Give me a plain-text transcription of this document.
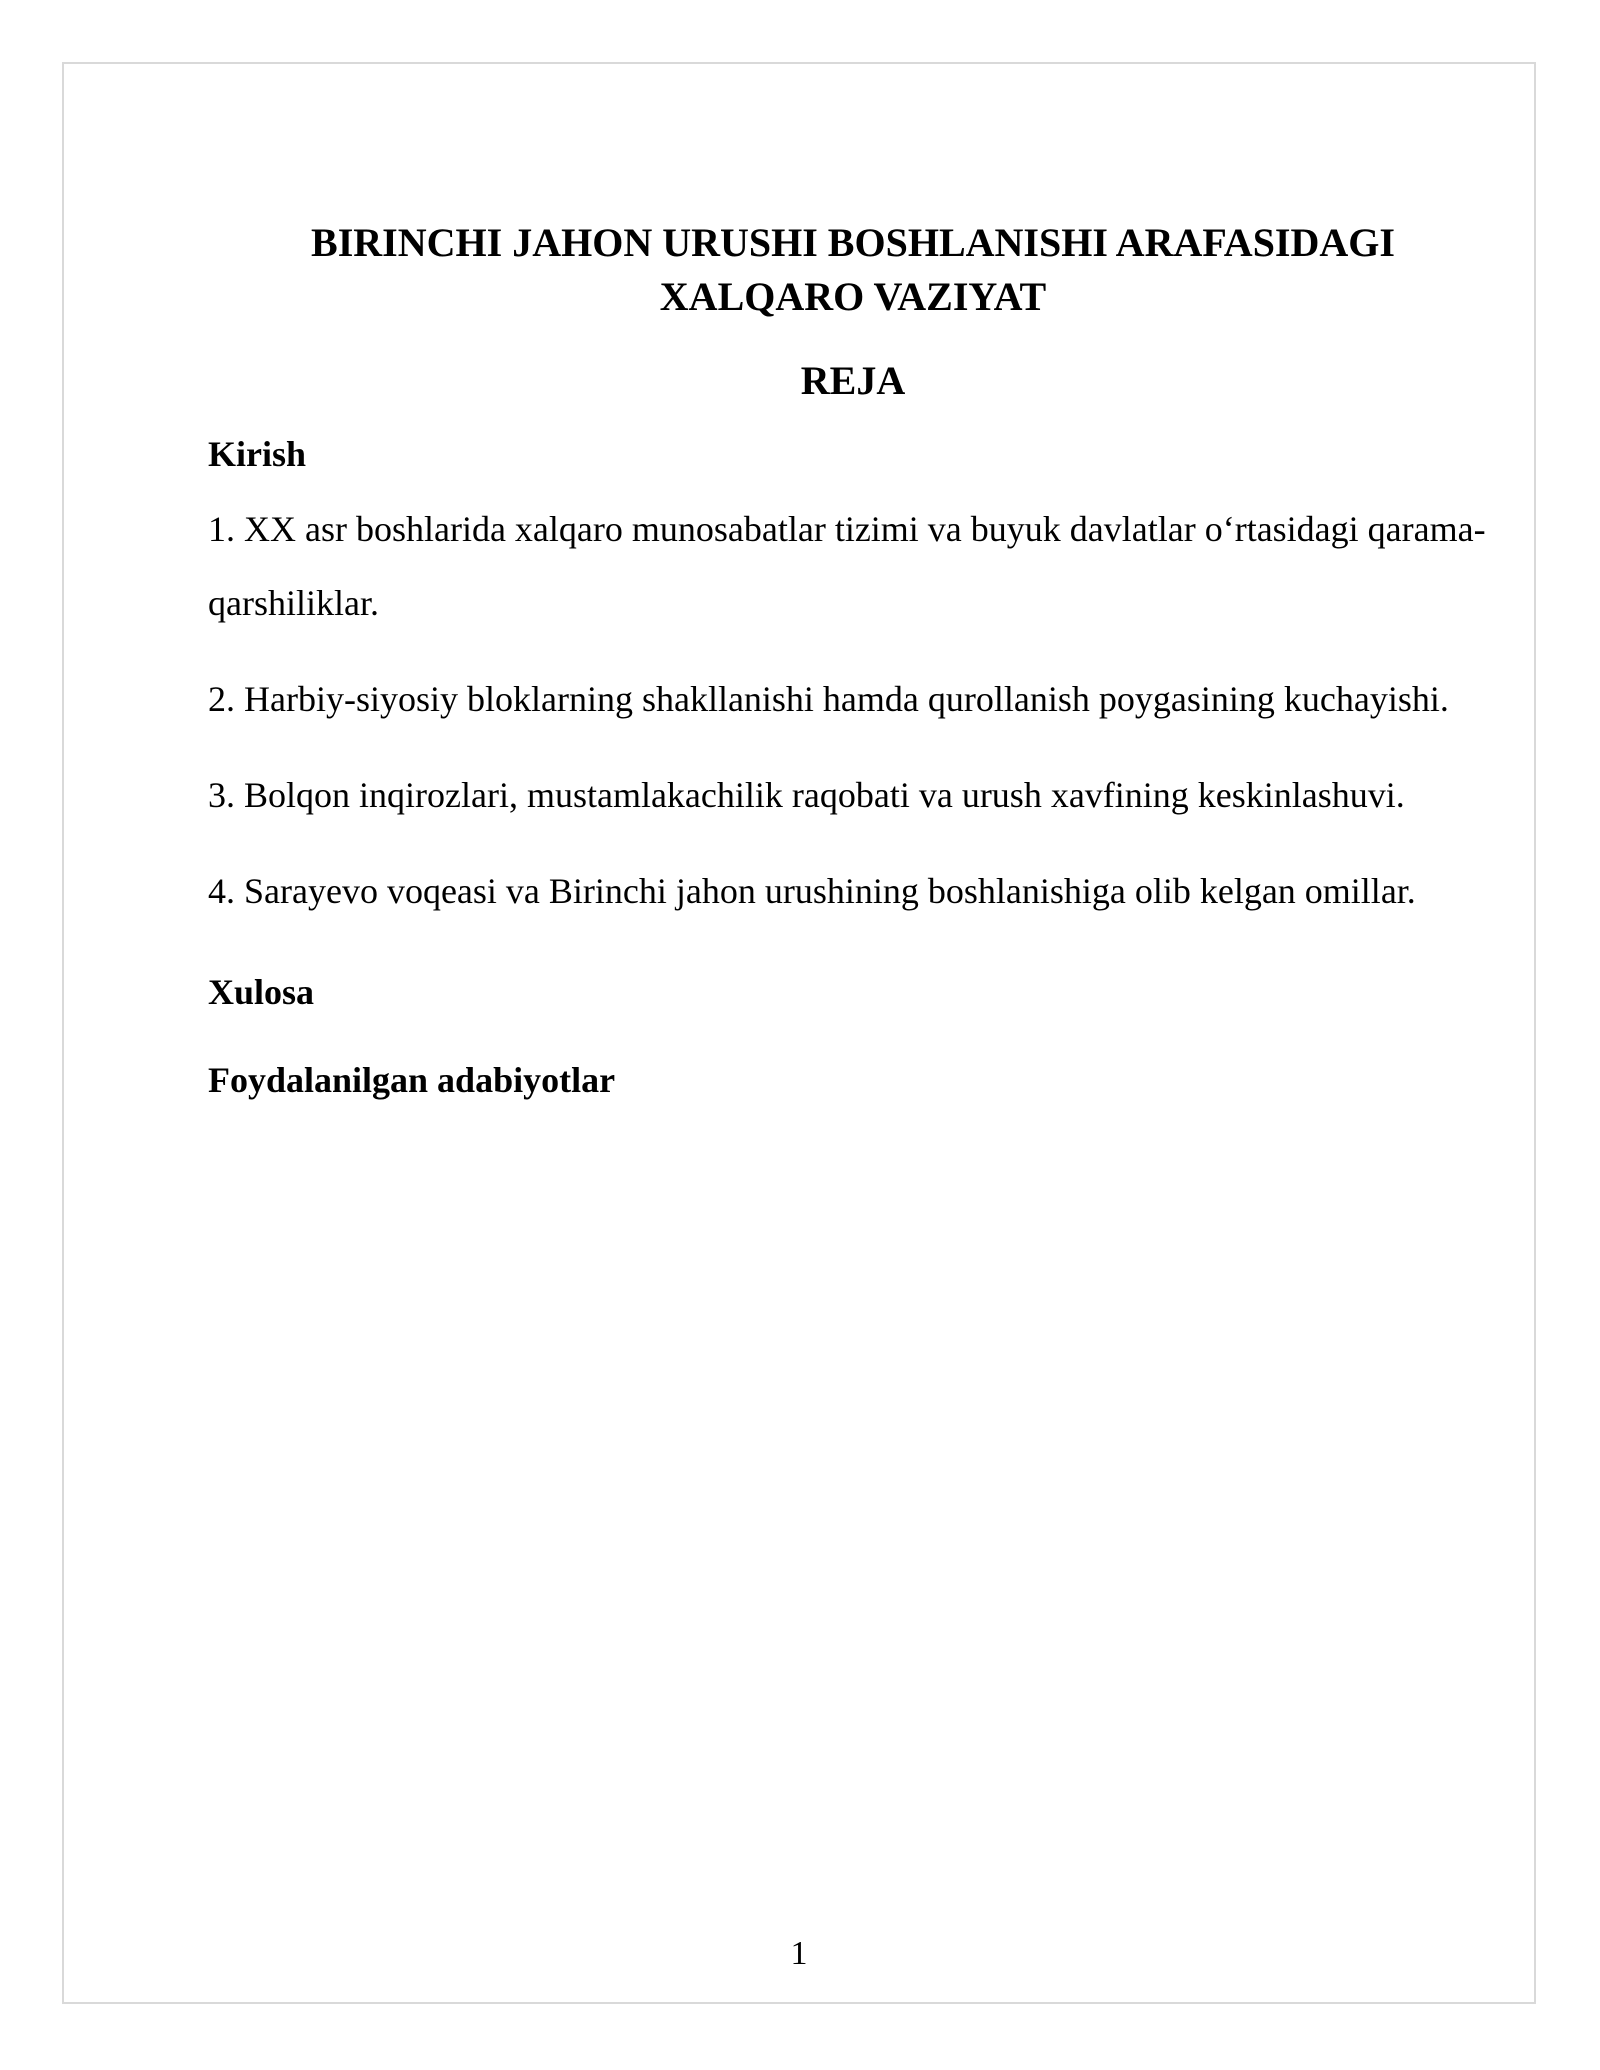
BIRINCHI JAHON URUSHI BOSHLANISHI ARAFASIDAGI
XALQARO VAZIYAT
REJA

Kirish

1. XX asr boshlarida xalqaro munosabatlar tizimi va buyuk davlatlar o‘rtasidagi qarama-qarshiliklar.

2. Harbiy-siyosiy bloklarning shakllanishi hamda qurollanish poygasining kuchayishi.

3. Bolqon inqirozlari, mustamlakachilik raqobati va urush xavfining keskinlashuvi.

4. Sarayevo voqeasi va Birinchi jahon urushining boshlanishiga olib kelgan omillar.

Xulosa

Foydalanilgan adabiyotlar

1
